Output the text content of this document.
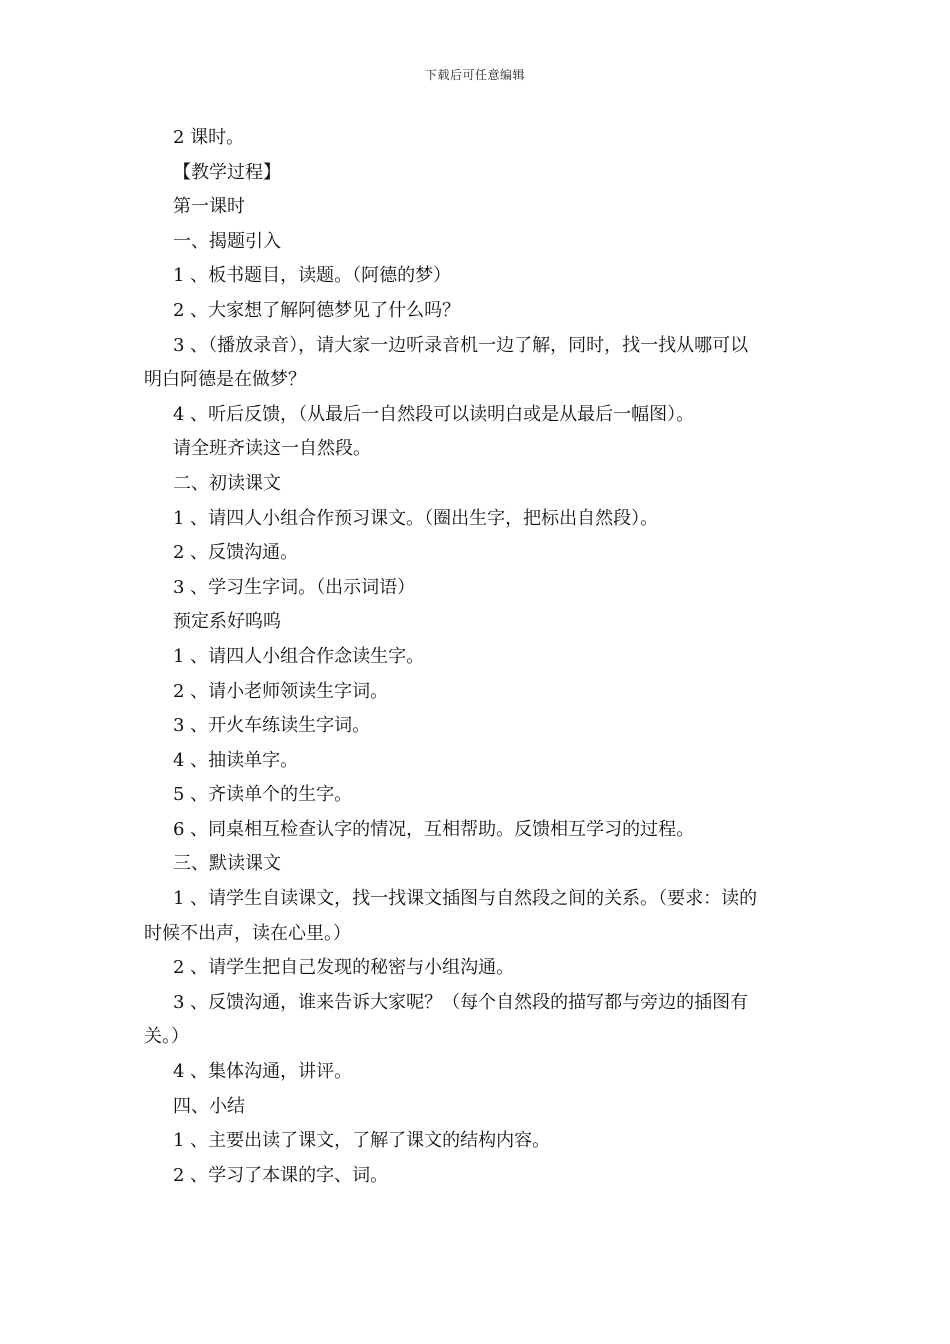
下载后可任意编辑
2 课时。
【教学过程】
第一课时
一、揭题引入
1 、板书题目，读题。（阿德的梦）
2 、大家想了解阿德梦见了什么吗？
3 、（播放录音），请大家一边听录音机一边了解，同时，找一找从哪可以
明白阿德是在做梦？
4 、听后反馈，（从最后一自然段可以读明白或是从最后一幅图）。
请全班齐读这一自然段。
二、初读课文
1 、请四人小组合作预习课文。（圈出生字，把标出自然段）。
2 、反馈沟通。
3 、学习生字词。（出示词语）
预定系好呜呜
1 、请四人小组合作念读生字。
2 、请小老师领读生字词。
3 、开火车练读生字词。
4 、抽读单字。
5 、齐读单个的生字。
6 、同桌相互检查认字的情况，互相帮助。反馈相互学习的过程。
三、默读课文
1 、请学生自读课文，找一找课文插图与自然段之间的关系。（要求：读的
时候不出声，读在心里。）
2 、请学生把自己发现的秘密与小组沟通。
3 、反馈沟通，谁来告诉大家呢？（每个自然段的描写都与旁边的插图有
关。）
4 、集体沟通，讲评。
四、小结
1 、主要出读了课文，了解了课文的结构内容。
2 、学习了本课的字、词。
